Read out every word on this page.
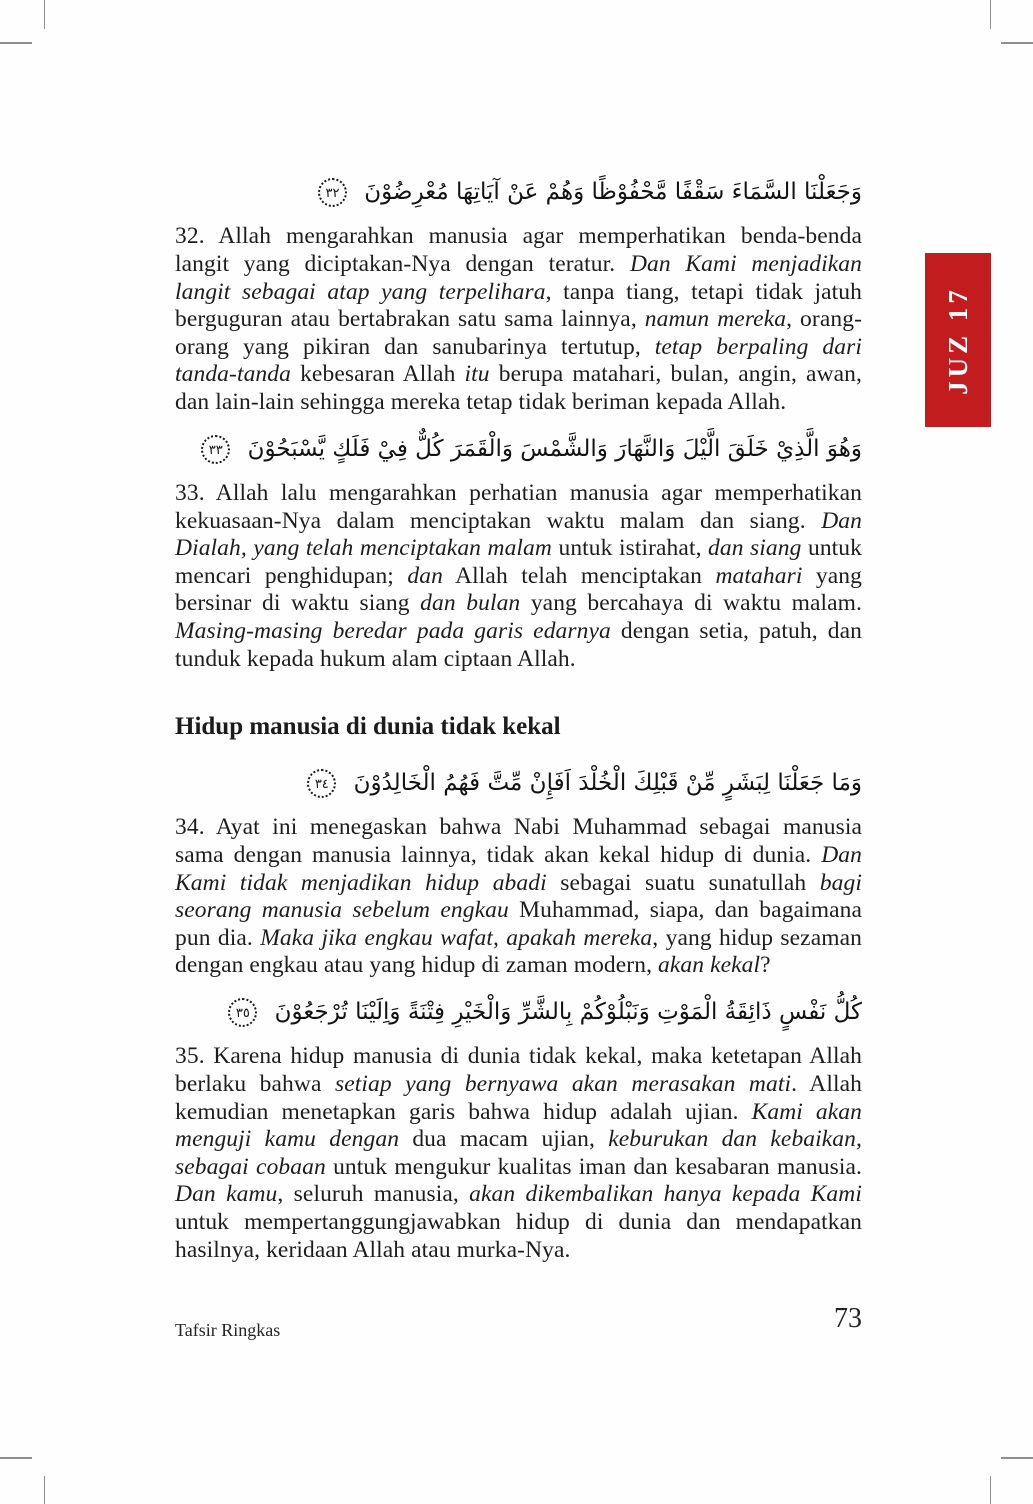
JUZ 17
وَجَعَلْنَا السَّمَاءَ سَقْفًا مَّحْفُوْظًا وَهُمْ عَنْ آيَاتِهَا مُعْرِضُوْنَ ٣٢

32. Allah mengarahkan manusia agar memperhatikan benda-benda langit yang diciptakan-Nya dengan teratur. Dan Kami menjadikan langit sebagai atap yang terpelihara, tanpa tiang, tetapi tidak jatuh berguguran atau bertabrakan satu sama lainnya, namun mereka, orang-orang yang pikiran dan sanubarinya tertutup, tetap berpaling dari tanda-tanda kebesaran Allah itu berupa matahari, bulan, angin, awan, dan lain-lain sehingga mereka tetap tidak beriman kepada Allah.

وَهُوَ الَّذِيْ خَلَقَ الَّيْلَ وَالنَّهَارَ وَالشَّمْسَ وَالْقَمَرَ كُلٌّ فِيْ فَلَكٍ يَّسْبَحُوْنَ ٣٣

33. Allah lalu mengarahkan perhatian manusia agar memperhatikan kekuasaan-Nya dalam menciptakan waktu malam dan siang. Dan Dialah, yang telah menciptakan malam untuk istirahat, dan siang untuk mencari penghidupan; dan Allah telah menciptakan matahari yang bersinar di waktu siang dan bulan yang bercahaya di waktu malam. Masing-masing beredar pada garis edarnya dengan setia, patuh, dan tunduk kepada hukum alam ciptaan Allah.

Hidup manusia di dunia tidak kekal
وَمَا جَعَلْنَا لِبَشَرٍ مِّنْ قَبْلِكَ الْخُلْدَ اَفَإِنْ مِّتَّ فَهُمُ الْخَالِدُوْنَ ٣٤

34. Ayat ini menegaskan bahwa Nabi Muhammad sebagai manusia sama dengan manusia lainnya, tidak akan kekal hidup di dunia. Dan Kami tidak menjadikan hidup abadi sebagai suatu sunatullah bagi seorang manusia sebelum engkau Muhammad, siapa, dan bagaimana pun dia. Maka jika engkau wafat, apakah mereka, yang hidup sezaman dengan engkau atau yang hidup di zaman modern, akan kekal?

كُلُّ نَفْسٍ ذَائِقَةُ الْمَوْتِ وَنَبْلُوْكُمْ بِالشَّرِّ وَالْخَيْرِ فِتْنَةً وَاِلَيْنَا تُرْجَعُوْنَ ٣٥

35. Karena hidup manusia di dunia tidak kekal, maka ketetapan Allah berlaku bahwa setiap yang bernyawa akan merasakan mati. Allah kemudian menetapkan garis bahwa hidup adalah ujian. Kami akan menguji kamu dengan dua macam ujian, keburukan dan kebaikan, sebagai cobaan untuk mengukur kualitas iman dan kesabaran manusia. Dan kamu, seluruh manusia, akan dikembalikan hanya kepada Kami untuk mempertanggungjawabkan hidup di dunia dan mendapatkan hasilnya, keridaan Allah atau murka-Nya.

Tafsir Ringkas	73
